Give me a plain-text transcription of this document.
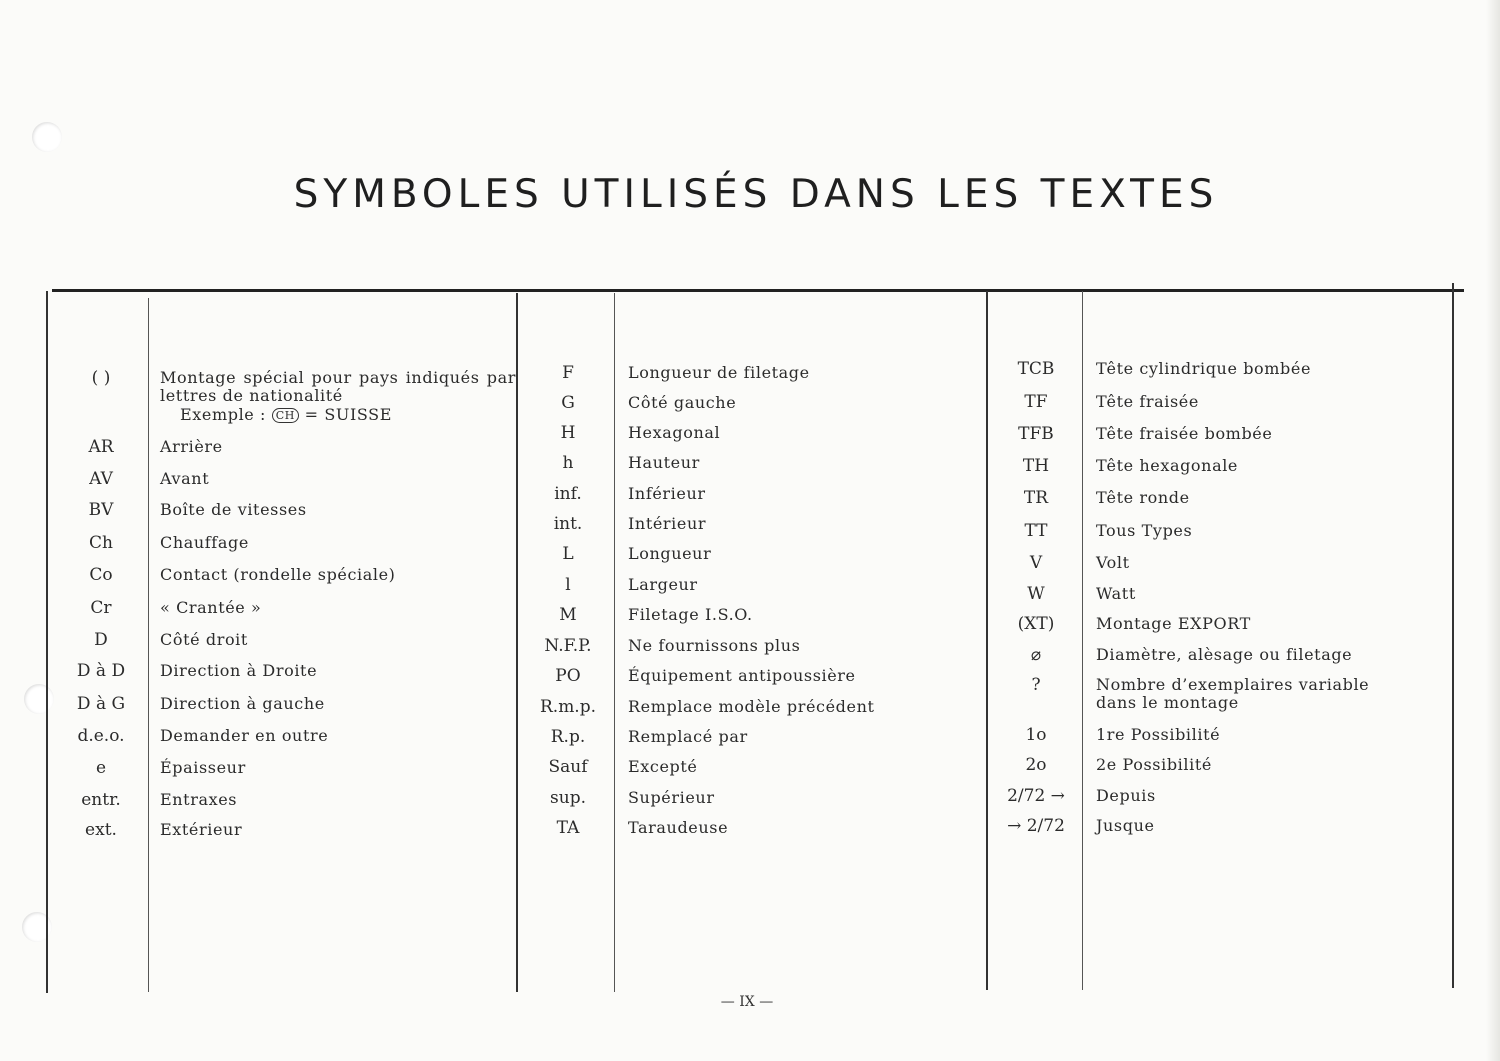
SYMBOLES UTILISÉS DANS LES TEXTES
( )	Montage spécial pour pays indiqués par lettres de nationalité
Exemple : CH = SUISSE
AR	Arrière
AV	Avant
BV	Boîte de vitesses
Ch	Chauffage
Co	Contact (rondelle spéciale)
Cr	« Crantée »
D	Côté droit
D à D	Direction à Droite
D à G	Direction à gauche
d.e.o.	Demander en outre
e	Épaisseur
entr.	Entraxes
ext.	Extérieur
F	Longueur de filetage
G	Côté gauche
H	Hexagonal
h	Hauteur
inf.	Inférieur
int.	Intérieur
L	Longueur
l	Largeur
M	Filetage I.S.O.
N.F.P.	Ne fournissons plus
PO	Équipement antipoussière
R.m.p.	Remplace modèle précédent
R.p.	Remplacé par
Sauf	Excepté
sup.	Supérieur
TA	Taraudeuse
TCB	Tête cylindrique bombée
TF	Tête fraisée
TFB	Tête fraisée bombée
TH	Tête hexagonale
TR	Tête ronde
TT	Tous Types
V	Volt
W	Watt
(XT)	Montage EXPORT
⌀	Diamètre, alèsage ou filetage
?	Nombre d’exemplaires variable dans le montage
1o	1re Possibilité
2o	2e Possibilité
2/72 →	Depuis
→ 2/72	Jusque
— IX —
